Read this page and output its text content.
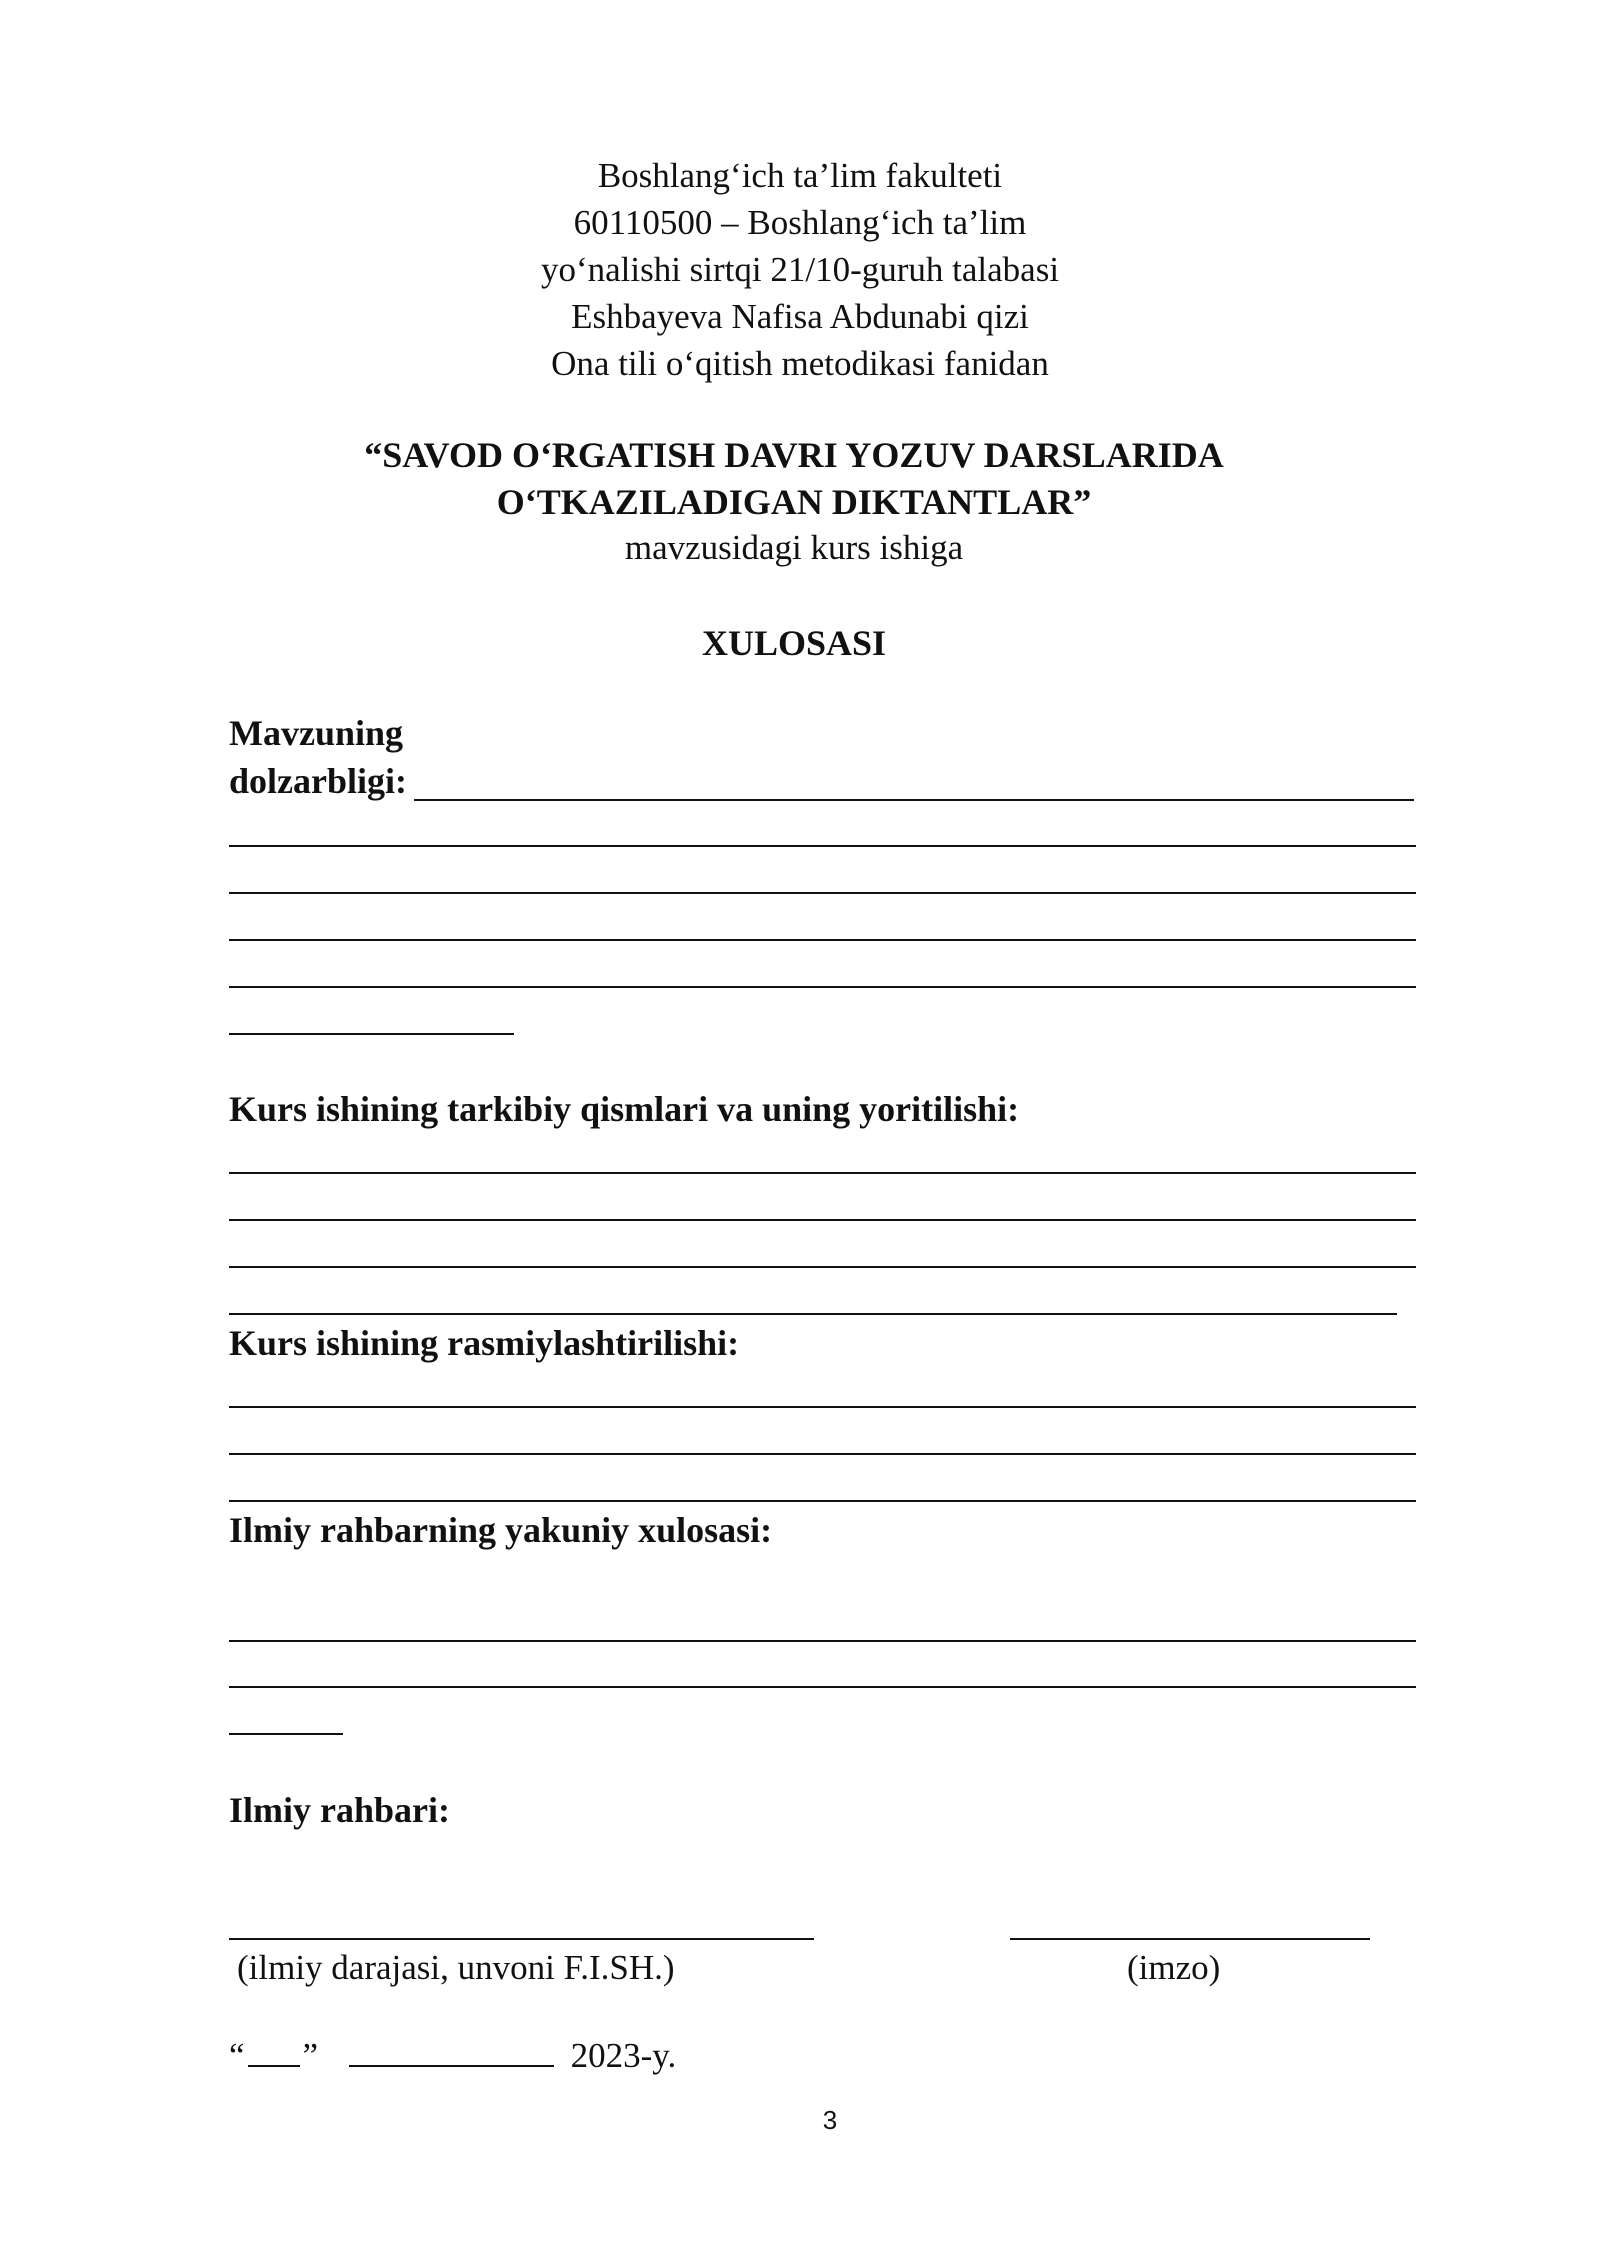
Boshlang‘ich ta’lim fakulteti
60110500 – Boshlang‘ich ta’lim
yo‘nalishi sirtqi 21/10-guruh talabasi
Eshbayeva Nafisa Abdunabi qizi
Ona tili o‘qitish metodikasi fanidan
“SAVOD O‘RGATISH DAVRI YOZUV DARSLARIDA
O‘TKAZILADIGAN DIKTANTLAR”
mavzusidagi kurs ishiga
XULOSASI
Mavzuning
dolzarbligi:
Kurs ishining tarkibiy qismlari va uning yoritilishi:
Kurs ishining rasmiylashtirilishi:
Ilmiy rahbarning yakuniy xulosasi:
Ilmiy rahbari:
(ilmiy darajasi, unvoni F.I.SH.)	(imzo)
“ ”	2023-y.
3
